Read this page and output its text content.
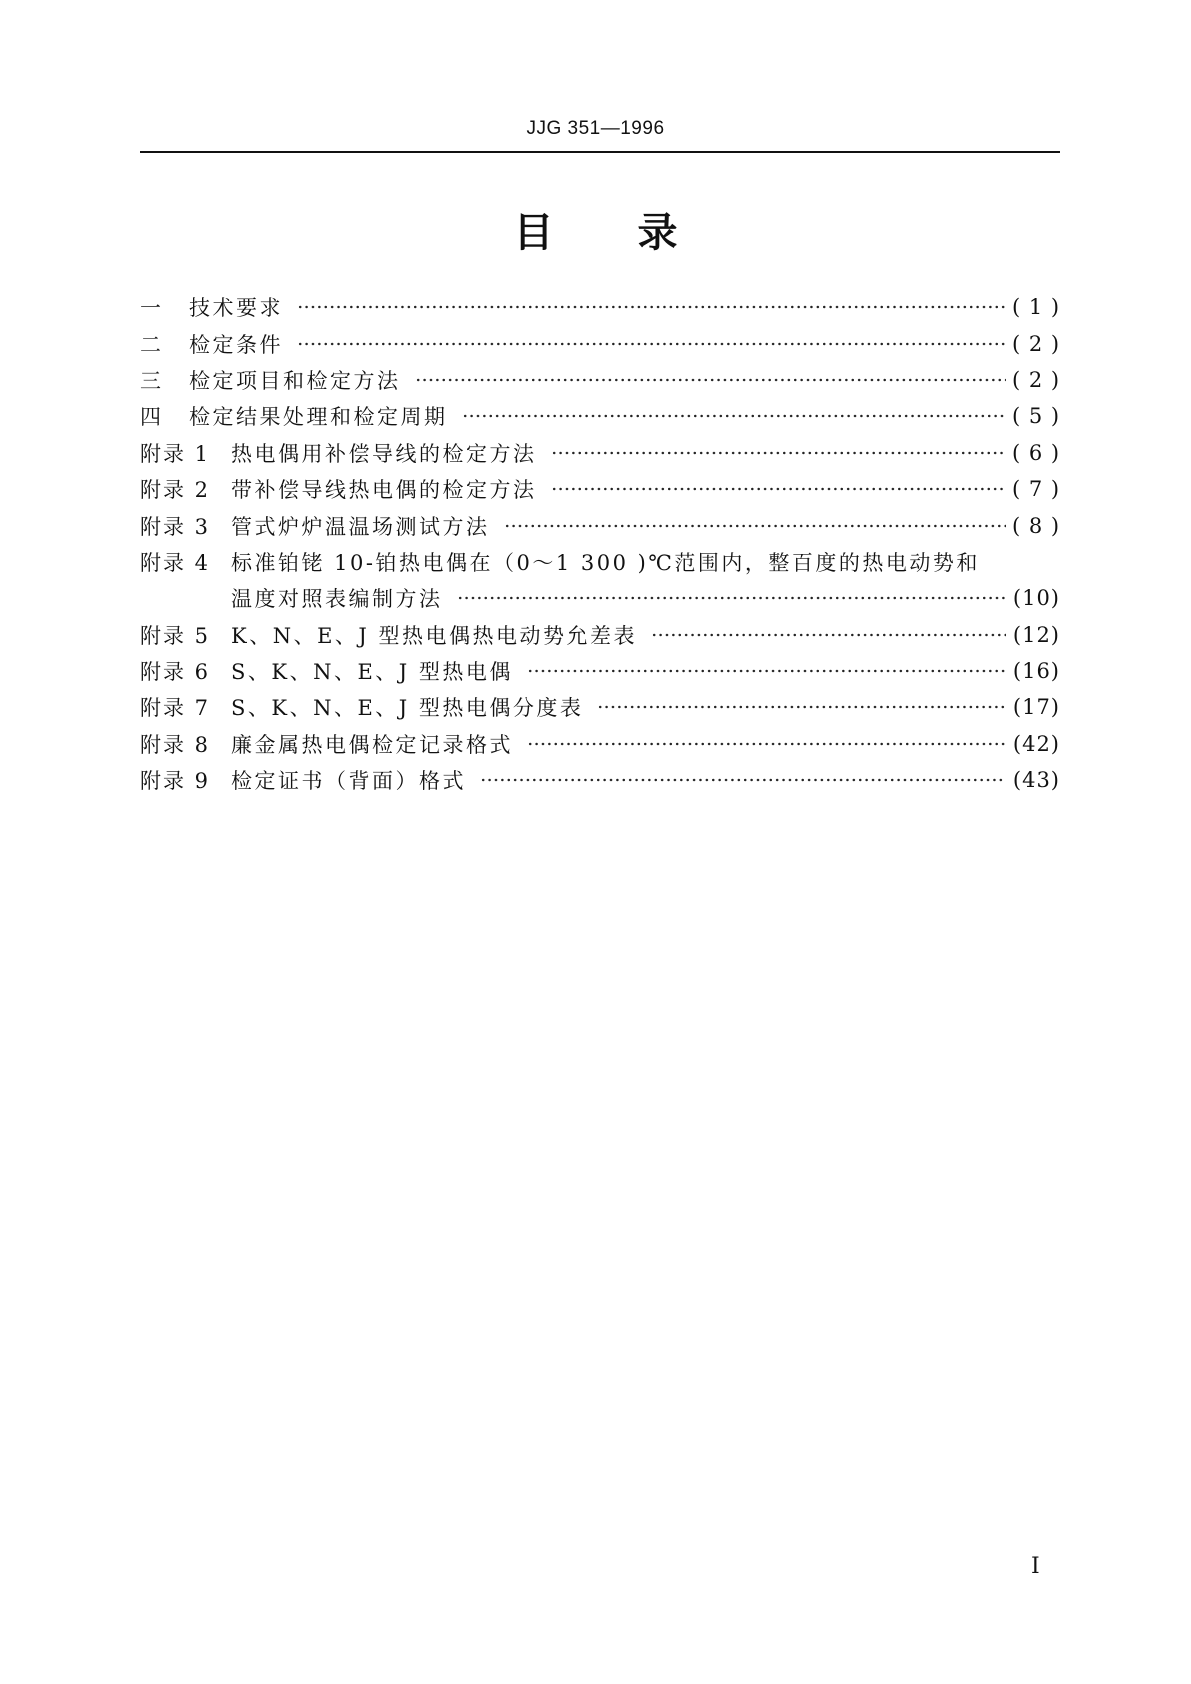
JJG 351—1996
目录
一	技术要求	( 1 )
二	检定条件	( 2 )
三	检定项目和检定方法	( 2 )
四	检定结果处理和检定周期	( 5 )
附录 1 热电偶用补偿导线的检定方法	( 6 )
附录 2 带补偿导线热电偶的检定方法	( 7 )
附录 3 管式炉炉温温场测试方法	( 8 )
附录 4 标准铂铑 10-铂热电偶在（0～1 300 )℃范围内，整百度的热电动势和
温度对照表编制方法	(10)
附录 5 K、N、E、J 型热电偶热电动势允差表	(12)
附录 6 S、K、N、E、J 型热电偶	(16)
附录 7 S、K、N、E、J 型热电偶分度表	(17)
附录 8 廉金属热电偶检定记录格式	(42)
附录 9 检定证书（背面）格式	(43)
I
